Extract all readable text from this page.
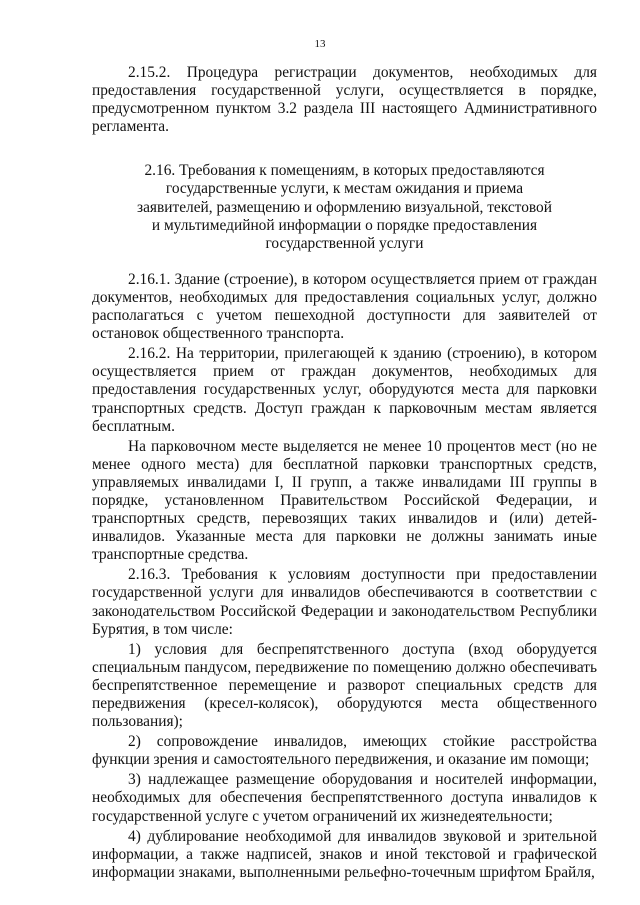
13

2.15.2. Процедура регистрации документов, необходимых для предоставления государственной услуги, осуществляется в порядке, предусмотренном пунктом 3.2 раздела III настоящего Административного регламента.

2.16. Требования к помещениям, в которых предоставляются

государственные услуги, к местам ожидания и приема

заявителей, размещению и оформлению визуальной, текстовой

и мультимедийной информации о порядке предоставления

государственной услуги

2.16.1. Здание (строение), в котором осуществляется прием от граждан документов, необходимых для предоставления социальных услуг, должно располагаться с учетом пешеходной доступности для заявителей от остановок общественного транспорта.

2.16.2. На территории, прилегающей к зданию (строению), в котором осуществляется прием от граждан документов, необходимых для предоставления государственных услуг, оборудуются места для парковки транспортных средств. Доступ граждан к парковочным местам является бесплатным.

На парковочном месте выделяется не менее 10 процентов мест (но не менее одного места) для бесплатной парковки транспортных средств, управляемых инвалидами I, II групп, а также инвалидами III группы в порядке, установленном Правительством Российской Федерации, и транспортных средств, перевозящих таких инвалидов и (или) детей-инвалидов. Указанные места для парковки не должны занимать иные транспортные средства.

2.16.3. Требования к условиям доступности при предоставлении государственной услуги для инвалидов обеспечиваются в соответствии с законодательством Российской Федерации и законодательством Республики Бурятия, в том числе:

1) условия для беспрепятственного доступа (вход оборудуется специальным пандусом, передвижение по помещению должно обеспечивать беспрепятственное перемещение и разворот специальных средств для передвижения (кресел-колясок), оборудуются места общественного пользования);

2) сопровождение инвалидов, имеющих стойкие расстройства функции зрения и самостоятельного передвижения, и оказание им помощи;

3) надлежащее размещение оборудования и носителей информации, необходимых для обеспечения беспрепятственного доступа инвалидов к государственной услуге с учетом ограничений их жизнедеятельности;

4) дублирование необходимой для инвалидов звуковой и зрительной информации, а также надписей, знаков и иной текстовой и графической информации знаками, выполненными рельефно-точечным шрифтом Брайля,
